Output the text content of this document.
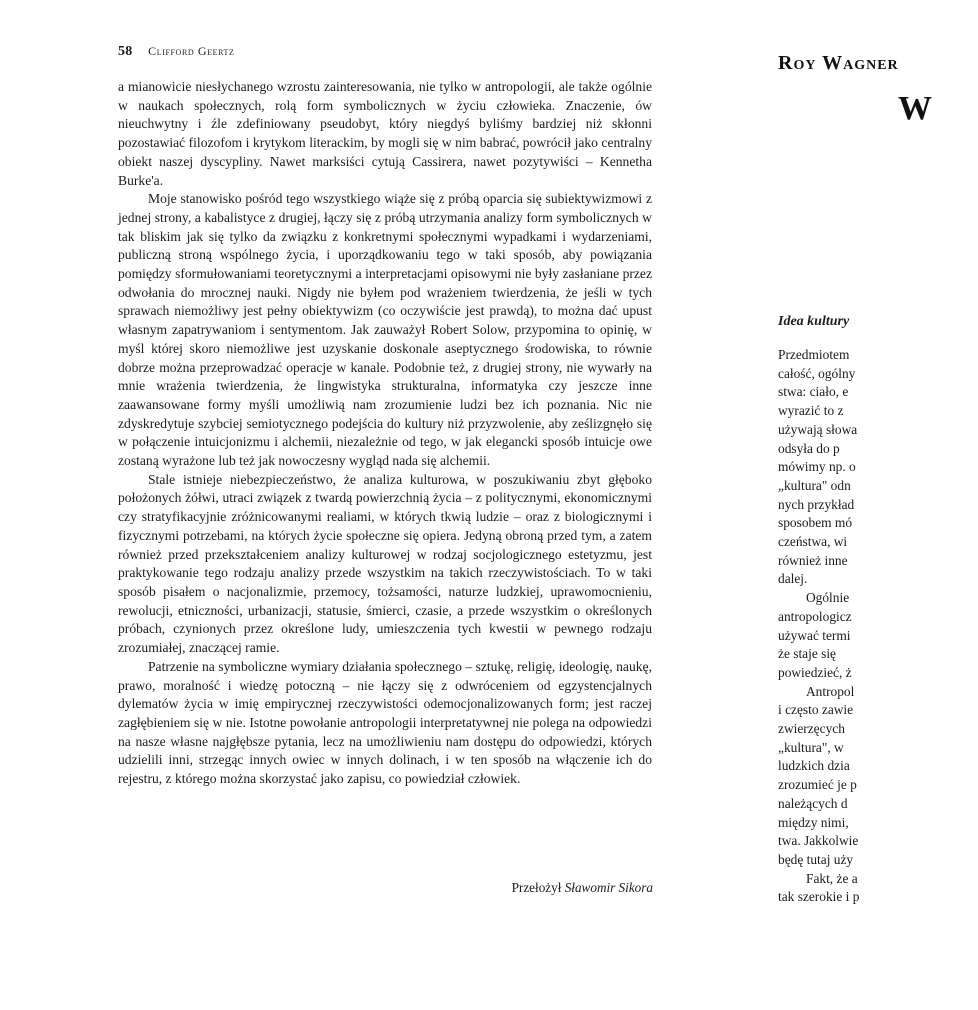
58 Clifford Geertz

a mianowicie niesłychanego wzrostu zainteresowania, nie tylko w antropologii, ale także ogólnie w naukach społecznych, rolą form symbolicznych w życiu człowieka. Znaczenie, ów nieuchwytny i źle zdefiniowany pseudobyt, który niegdyś byliśmy bardziej niż skłonni pozostawiać filozofom i krytykom literackim, by mogli się w nim babrać, powrócił jako centralny obiekt naszej dyscypliny. Nawet marksiści cytują Cassirera, nawet pozytywiści – Kennetha Burke'a.

Moje stanowisko pośród tego wszystkiego wiąże się z próbą oparcia się subiektywizmowi z jednej strony, a kabalistyce z drugiej, łączy się z próbą utrzymania analizy form symbolicznych w tak bliskim jak się tylko da związku z konkretnymi społecznymi wypadkami i wydarzeniami, publiczną stroną wspólnego życia, i uporządkowaniu tego w taki sposób, aby powiązania pomiędzy sformułowaniami teoretycznymi a interpretacjami opisowymi nie były zasłaniane przez odwołania do mrocznej nauki. Nigdy nie byłem pod wrażeniem twierdzenia, że jeśli w tych sprawach niemożliwy jest pełny obiektywizm (co oczywiście jest prawdą), to można dać upust własnym zapatrywaniom i sentymentom. Jak zauważył Robert Solow, przypomina to opinię, w myśl której skoro niemożliwe jest uzyskanie doskonale aseptycznego środowiska, to równie dobrze można przeprowadzać operacje w kanale. Podobnie też, z drugiej strony, nie wywarły na mnie wrażenia twierdzenia, że lingwistyka strukturalna, informatyka czy jeszcze inne zaawansowane formy myśli umożliwią nam zrozumienie ludzi bez ich poznania. Nic nie zdyskredytuje szybciej semiotycznego podejścia do kultury niż przyzwolenie, aby ześlizgnęło się w połączenie intuicjonizmu i alchemii, niezależnie od tego, w jak elegancki sposób intuicje owe zostaną wyrażone lub też jak nowoczesny wygląd nada się alchemii.

Stale istnieje niebezpieczeństwo, że analiza kulturowa, w poszukiwaniu zbyt głęboko położonych żółwi, utraci związek z twardą powierzchnią życia – z politycznymi, ekonomicznymi czy stratyfikacyjnie zróżnicowanymi realiami, w których tkwią ludzie – oraz z biologicznymi i fizycznymi potrzebami, na których życie społeczne się opiera. Jedyną obroną przed tym, a zatem również przed przekształceniem analizy kulturowej w rodzaj socjologicznego estetyzmu, jest praktykowanie tego rodzaju analizy przede wszystkim na takich rzeczywistościach. To w taki sposób pisałem o nacjonalizmie, przemocy, tożsamości, naturze ludzkiej, uprawomocnieniu, rewolucji, etniczności, urbanizacji, statusie, śmierci, czasie, a przede wszystkim o określonych próbach, czynionych przez określone ludy, umieszczenia tych kwestii w pewnego rodzaju zrozumiałej, znaczącej ramie.

Patrzenie na symboliczne wymiary działania społecznego – sztukę, religię, ideologię, naukę, prawo, moralność i wiedzę potoczną – nie łączy się z odwróceniem od egzystencjalnych dylematów życia w imię empirycznej rzeczywistości odemocjonalizowanych form; jest raczej zagłębieniem się w nie. Istotne powołanie antropologii interpretatywnej nie polega na odpowiedzi na nasze własne najgłębsze pytania, lecz na umożliwieniu nam dostępu do odpowiedzi, których udzielili inni, strzegąc innych owiec w innych dolinach, i w ten sposób na włączenie ich do rejestru, z którego można skorzystać jako zapisu, co powiedział człowiek.

Przełożył Sławomir Sikora
Roy Wagner
W
Idea kultury
Przedmiotem
całość, ogólny
stwa: ciało, e
wyrazić to z
używają słowa
odsyła do p
mówimy np. o
„kultura" odn
nych przykład
sposobem mó
czeństwa, wi
również inne
dalej.
Ogólnie
antropologicz
używać termi
że staje się
powiedzieć, ż
Antropol
i często zawie
zwierzęcych
„kultura", w
ludzkich dzia
zrozumieć je p
należących d
między nimi,
twa. Jakkolwie
będę tutaj uży
Fakt, że a
tak szerokie i p
